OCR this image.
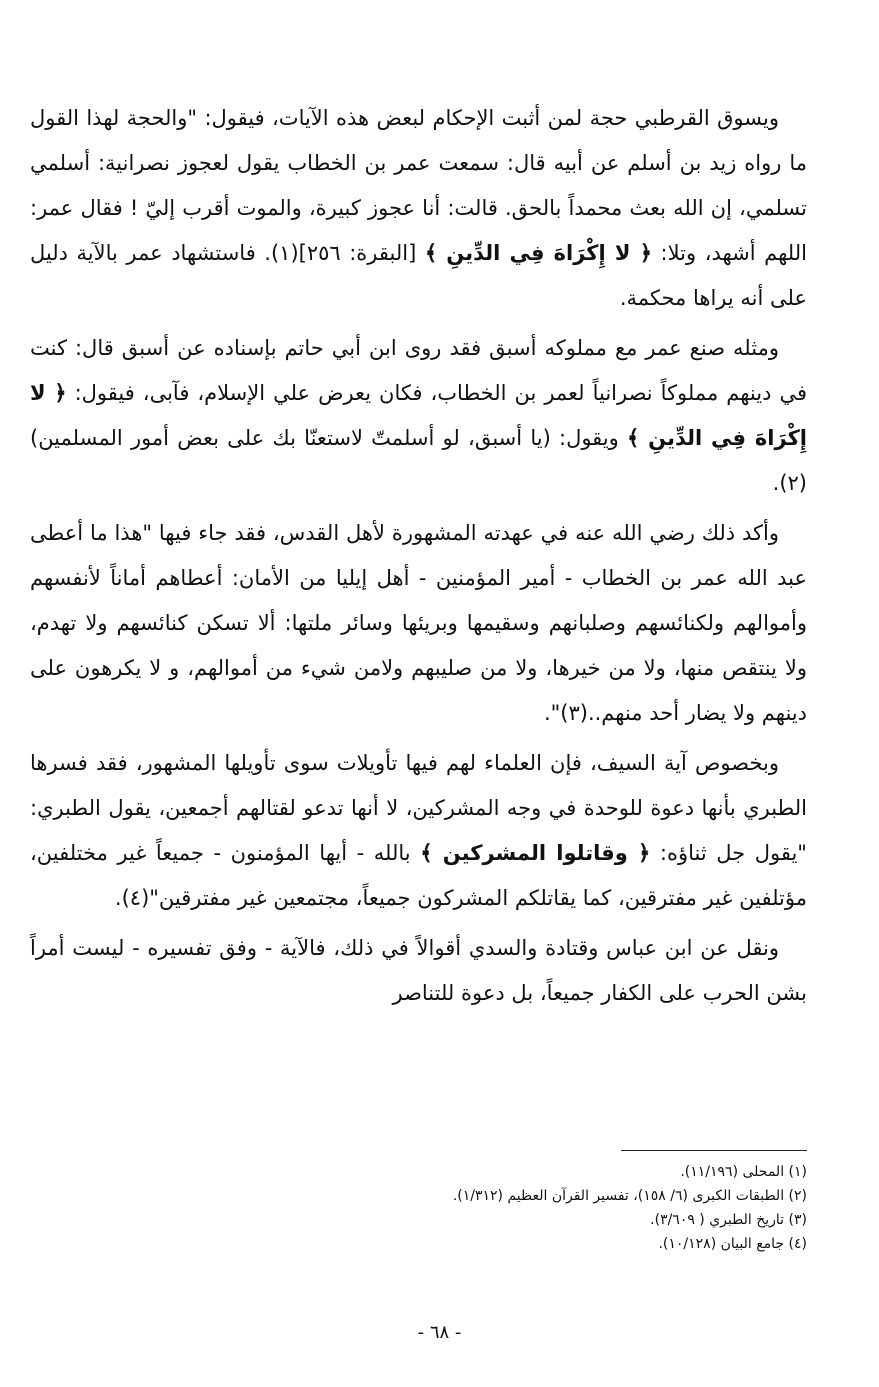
ويسوق القرطبي حجة لمن أثبت الإحكام لبعض هذه الآيات، فيقول: "والحجة لهذا القول ما رواه زيد بن أسلم عن أبيه قال: سمعت عمر بن الخطاب يقول لعجوز نصرانية: أسلمي تسلمي، إن الله بعث محمداً بالحق. قالت: أنا عجوز كبيرة، والموت أقرب إليّ ! فقال عمر: اللهم أشهد، وتلا: ﴿ لا إِكْرَاهَ فِي الدِّينِ ﴾ [البقرة: ٢٥٦](١). فاستشهاد عمر بالآية دليل على أنه يراها محكمة.

ومثله صنع عمر مع مملوكه أسبق فقد روى ابن أبي حاتم بإسناده عن أسبق قال: كنت في دينهم مملوكاً نصرانياً لعمر بن الخطاب، فكان يعرض علي الإسلام، فآبى، فيقول: ﴿ لا إِكْرَاهَ فِي الدِّينِ ﴾ ويقول: (يا أسبق، لو أسلمتّ لاستعنّا بك على بعض أمور المسلمين)(٢).

وأكد ذلك رضي الله عنه في عهدته المشهورة لأهل القدس، فقد جاء فيها "هذا ما أعطى عبد الله عمر بن الخطاب - أمير المؤمنين - أهل إيليا من الأمان: أعطاهم أماناً لأنفسهم وأموالهم ولكنائسهم وصلبانهم وسقيمها وبريئها وسائر ملتها: ألا تسكن كنائسهم ولا تهدم، ولا ينتقص منها، ولا من خيرها، ولا من صليبهم ولامن شيء من أموالهم، و لا يكرهون على دينهم ولا يضار أحد منهم..(٣)".

وبخصوص آية السيف، فإن العلماء لهم فيها تأويلات سوى تأويلها المشهور، فقد فسرها الطبري بأنها دعوة للوحدة في وجه المشركين، لا أنها تدعو لقتالهم أجمعين، يقول الطبري: "يقول جل ثناؤه: ﴿ وقاتلوا المشركين ﴾ بالله - أيها المؤمنون - جميعاً غير مختلفين، مؤتلفين غير مفترقين، كما يقاتلكم المشركون جميعاً، مجتمعين غير مفترقين"(٤).

ونقل عن ابن عباس وقتادة والسدي أقوالاً في ذلك، فالآية - وفق تفسيره - ليست أمراً بشن الحرب على الكفار جميعاً، بل دعوة للتناصر

(١) المحلى (١١/١٩٦).
(٢) الطبقات الكبرى (٦/ ١٥٨)، تفسير القرآن العظيم (١/٣١٢).
(٣) تاريخ الطبري ( ٣/٦٠٩).
(٤) جامع البيان (١٠/١٢٨).
- ٦٨ -
